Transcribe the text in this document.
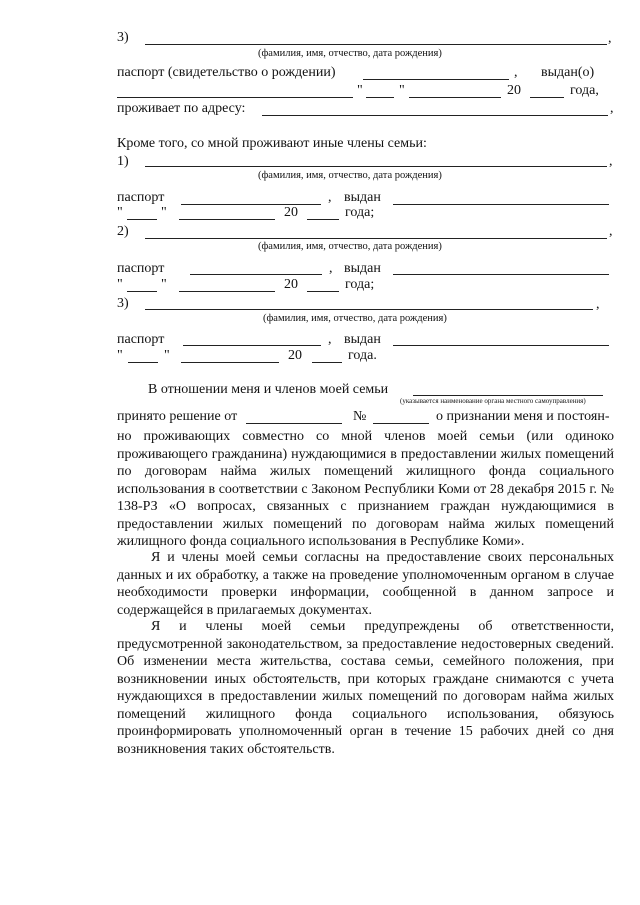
3)	,
(фамилия, имя, отчество, дата рождения)
паспорт (свидетельство о рождении)	, выдан(о)
"	"	20	года,
проживает по адресу:	,
Кроме того, со мной проживают иные члены семьи:
1)	,
(фамилия, имя, отчество, дата рождения)
паспорт	, выдан
"	"	20	года;
2)	,
(фамилия, имя, отчество, дата рождения)
паспорт	, выдан
"	"	20	года;
3)	,
(фамилия, имя, отчество, дата рождения)
паспорт	, выдан
"	"	20	года.
В отношении меня и членов моей семьи
(указывается наименование органа местного самоуправления)
принято решение от	№	о признании меня и постоян-
но проживающих совместно со мной членов моей семьи (или одиноко проживающего гражданина) нуждающимися в предоставлении жилых помещений по договорам найма жилых помещений жилищного фонда социального использования в соответствии с Законом Республики Коми от 28 декабря 2015 г. № 138-РЗ «О вопросах, связанных с признанием граждан нуждающимися в предоставлении жилых помещений по договорам найма жилых помещений жилищного фонда социального использования в Республике Коми».
Я и члены моей семьи согласны на предоставление своих персональных данных и их обработку, а также на проведение уполномоченным органом в случае необходимости проверки информации, сообщенной в данном запросе и содержащейся в прилагаемых документах.
Я и члены моей семьи предупреждены об ответственности, предусмотренной законодательством, за предоставление недостоверных сведений. Об изменении места жительства, состава семьи, семейного положения, при возникновении иных обстоятельств, при которых граждане снимаются с учета нуждающихся в предоставлении жилых помещений по договорам найма жилых помещений жилищного фонда социального использования, обязуюсь проинформировать уполномоченный орган в течение 15 рабочих дней со дня возникновения таких обстоятельств.
